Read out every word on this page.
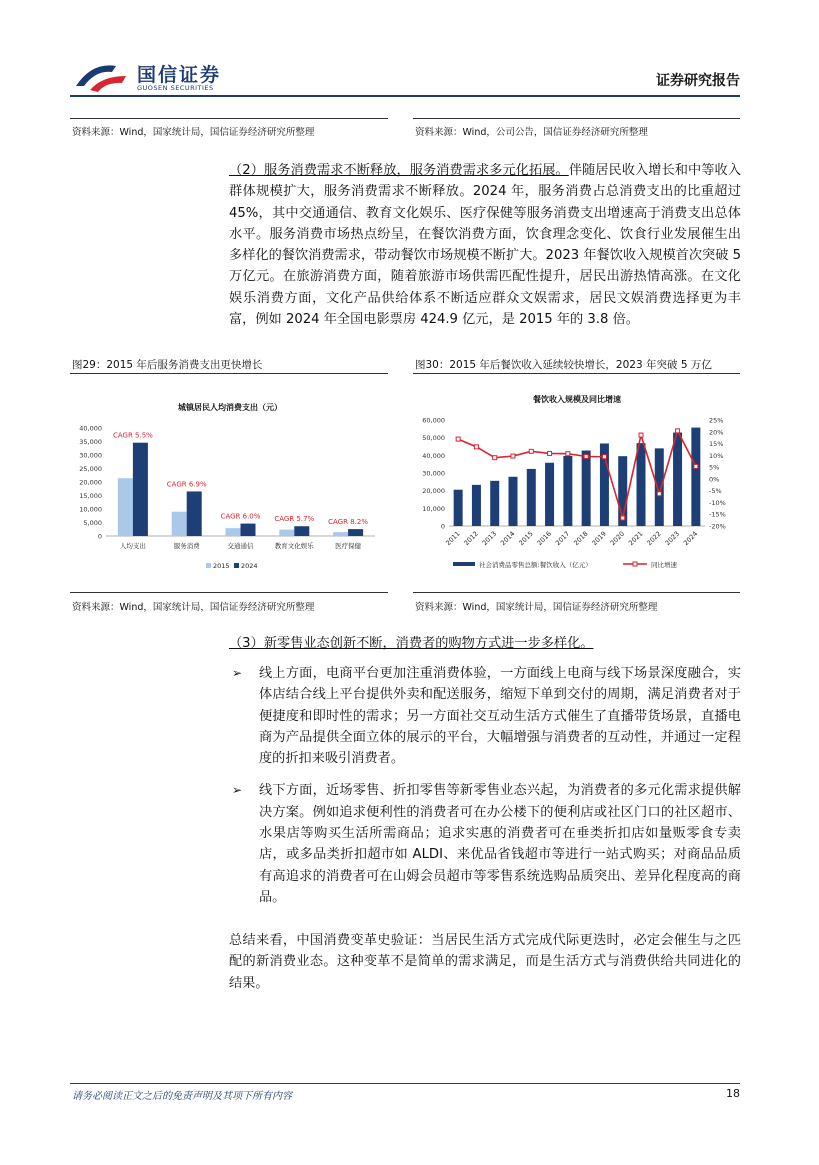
国信证券
GUOSEN SECURITIES	证券研究报告
资料来源：Wind，国家统计局，国信证券经济研究所整理	资料来源：Wind，公司公告，国信证券经济研究所整理
（2）服务消费需求不断释放，服务消费需求多元化拓展。伴随居民收入增长和中等收入群体规模扩大，服务消费需求不断释放。2024 年，服务消费占总消费支出的比重超过 45%，其中交通通信、教育文化娱乐、医疗保健等服务消费支出增速高于消费支出总体水平。服务消费市场热点纷呈，在餐饮消费方面，饮食理念变化、饮食行业发展催生出多样化的餐饮消费需求，带动餐饮市场规模不断扩大。2023 年餐饮收入规模首次突破 5 万亿元。在旅游消费方面，随着旅游市场供需匹配性提升，居民出游热情高涨。在文化娱乐消费方面，文化产品供给体系不断适应群众文娱需求，居民文娱消费选择更为丰富，例如 2024 年全国电影票房 424.9 亿元，是 2015 年的 3.8 倍。
图29：2015 年后服务消费支出更快增长	图30：2015 年后餐饮收入延续较快增长，2023 年突破 5 万亿
城镇居民人均消费支出（元）
40,000
35,000
30,000
25,000
20,000
15,000
10,000
5,000
0
人均支出
CAGR 5.5%
服务消费
CAGR 6.9%
交通通信
CAGR 6.0%
教育文化娱乐
CAGR 5.7%
医疗保健
CAGR 8.2%
2015 2024
餐饮收入规模及同比增速
60,000
50,000
40,000
30,000
20,000
10,000
0
25%
20%
15%
10%
5%
0%
-5%
-10%
-15%
-20%
2011 2012 2013 2014 2015 2016 2017 2018 2019 2020 2021 2022 2023 2024
社会消费品零售总额:餐饮收入（亿元）	同比增速
资料来源：Wind，国家统计局，国信证券经济研究所整理	资料来源：Wind，国家统计局，国信证券经济研究所整理
（3）新零售业态创新不断，消费者的购物方式进一步多样化。
➢ 线上方面，电商平台更加注重消费体验，一方面线上电商与线下场景深度融合，实体店结合线上平台提供外卖和配送服务，缩短下单到交付的周期，满足消费者对于便捷度和即时性的需求；另一方面社交互动生活方式催生了直播带货场景，直播电商为产品提供全面立体的展示的平台，大幅增强与消费者的互动性，并通过一定程度的折扣来吸引消费者。
➢ 线下方面，近场零售、折扣零售等新零售业态兴起，为消费者的多元化需求提供解决方案。例如追求便利性的消费者可在办公楼下的便利店或社区门口的社区超市、水果店等购买生活所需商品；追求实惠的消费者可在垂类折扣店如量贩零食专卖店，或多品类折扣超市如 ALDI、来优品省钱超市等进行一站式购买；对商品品质有高追求的消费者可在山姆会员超市等零售系统选购品质突出、差异化程度高的商品。
总结来看，中国消费变革史验证：当居民生活方式完成代际更迭时，必定会催生与之匹配的新消费业态。这种变革不是简单的需求满足，而是生活方式与消费供给共同进化的结果。
请务必阅读正文之后的免责声明及其项下所有内容	18
